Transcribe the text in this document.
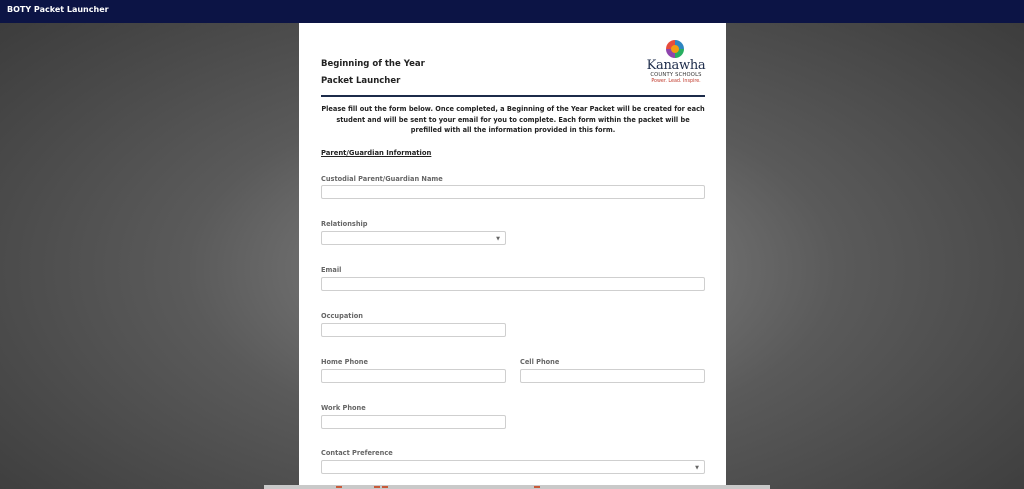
BOTY Packet Launcher
Beginning of the Year
Packet Launcher
Kanawha
COUNTY SCHOOLS
Power. Lead. Inspire.
Please fill out the form below. Once completed, a Beginning of the Year Packet will be created for each student and will be sent to your email for you to complete. Each form within the packet will be prefilled with all the information provided in this form.
Parent/Guardian Information
Custodial Parent/Guardian Name
Relationship
▼
Email
Occupation
Home Phone	Cell Phone
Work Phone
Contact Preference
▼
